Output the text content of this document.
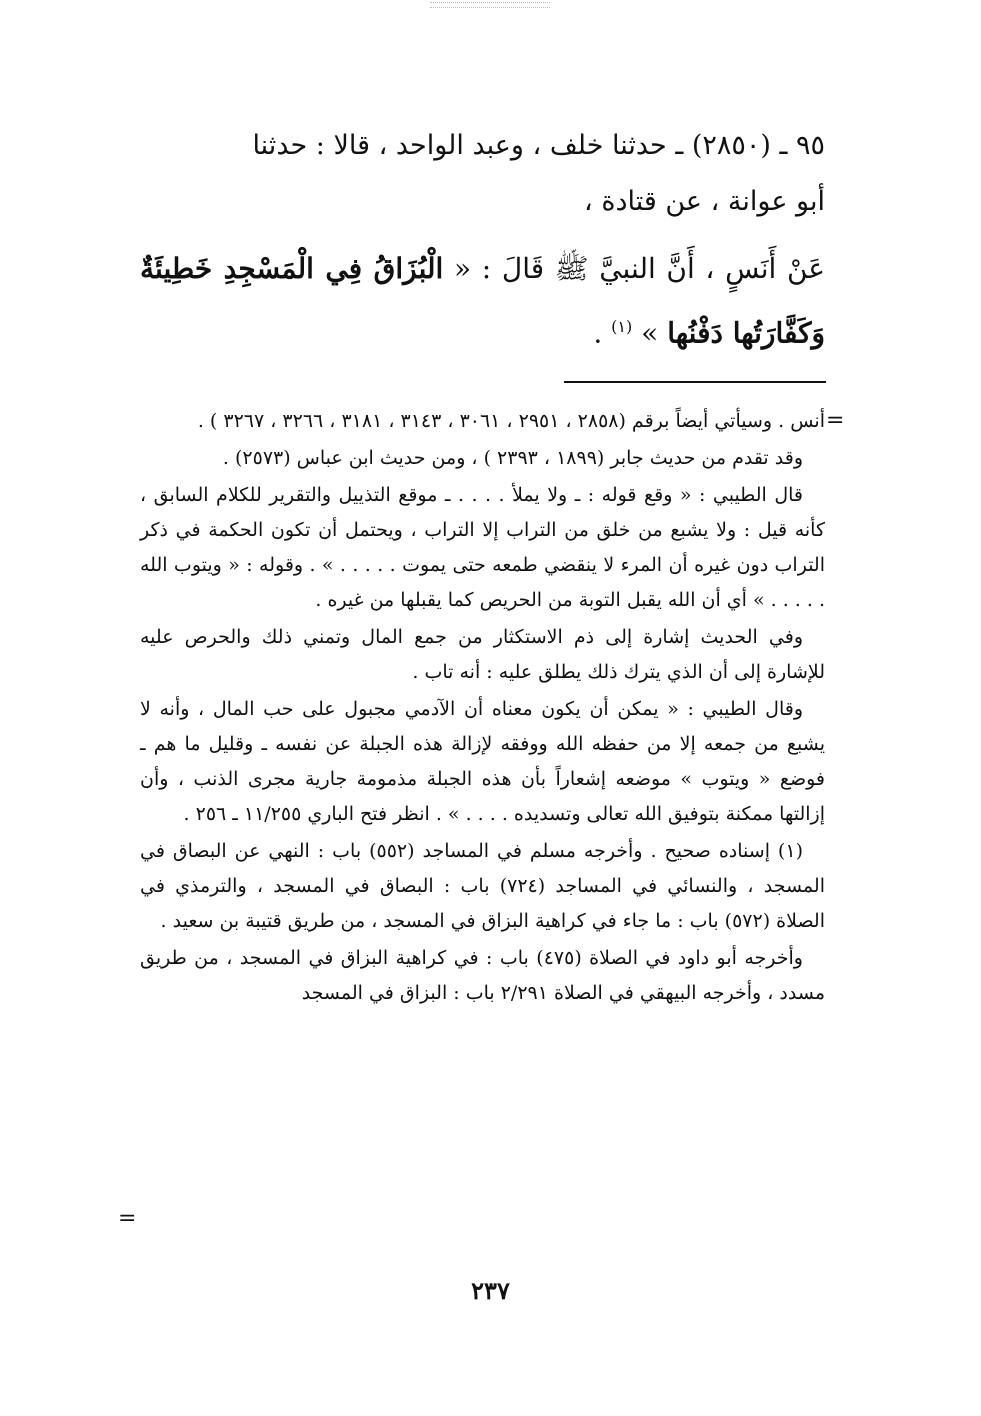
٩٥ ـ (٢٨٥٠) ـ حدثنا خلف ، وعبد الواحد ، قالا : حدثنا

أبو عوانة ، عن قتادة ،

عَنْ أَنَسٍ ، أَنَّ النبيَّ ﷺ قَالَ : « الْبُزَاقُ فِي الْمَسْجِدِ خَطِيئَةٌ وَكَفَّارَتُها دَفْنُها » $^{(١)}$ .

=

أنس . وسيأتي أيضاً برقم (٢٨٥٨ ، ٢٩٥١ ، ٣٠٦١ ، ٣١٤٣ ، ٣١٨١ ، ٣٢٦٦ ، ٣٢٦٧ ) .

وقد تقدم من حديث جابر (١٨٩٩ ، ٢٣٩٣ ) ، ومن حديث ابن عباس (٢٥٧٣) .

قال الطيبي : « وقع قوله : ـ ولا يملأ . . . . ـ موقع التذييل والتقرير للكلام السابق ، كأنه قيل : ولا يشبع من خلق من التراب إلا التراب ، ويحتمل أن تكون الحكمة في ذكر التراب دون غيره أن المرء لا ينقضي طمعه حتى يموت . . . . . » . وقوله : « ويتوب الله . . . . . » أي أن الله يقبل التوبة من الحريص كما يقبلها من غيره .

وفي الحديث إشارة إلى ذم الاستكثار من جمع المال وتمني ذلك والحرص عليه للإشارة إلى أن الذي يترك ذلك يطلق عليه : أنه تاب .

وقال الطيبي : « يمكن أن يكون معناه أن الآدمي مجبول على حب المال ، وأنه لا يشبع من جمعه إلا من حفظه الله ووفقه لإزالة هذه الجبلة عن نفسه ـ وقليل ما هم ـ فوضع « ويتوب » موضعه إشعاراً بأن هذه الجبلة مذمومة جارية مجرى الذنب ، وأن إزالتها ممكنة بتوفيق الله تعالى وتسديده . . . . » . انظر فتح الباري ١١/٢٥٥ ـ ٢٥٦ .

(١) إسناده صحيح . وأخرجه مسلم في المساجد (٥٥٢) باب : النهي عن البصاق في المسجد ، والنسائي في المساجد (٧٢٤) باب : البصاق في المسجد ، والترمذي في الصلاة (٥٧٢) باب : ما جاء في كراهية البزاق في المسجد ، من طريق قتيبة بن سعيد .

وأخرجه أبو داود في الصلاة (٤٧٥) باب : في كراهية البزاق في المسجد ، من طريق مسدد ، وأخرجه البيهقي في الصلاة ٢/٢٩١ باب : البزاق في المسجد

=
٢٣٧
